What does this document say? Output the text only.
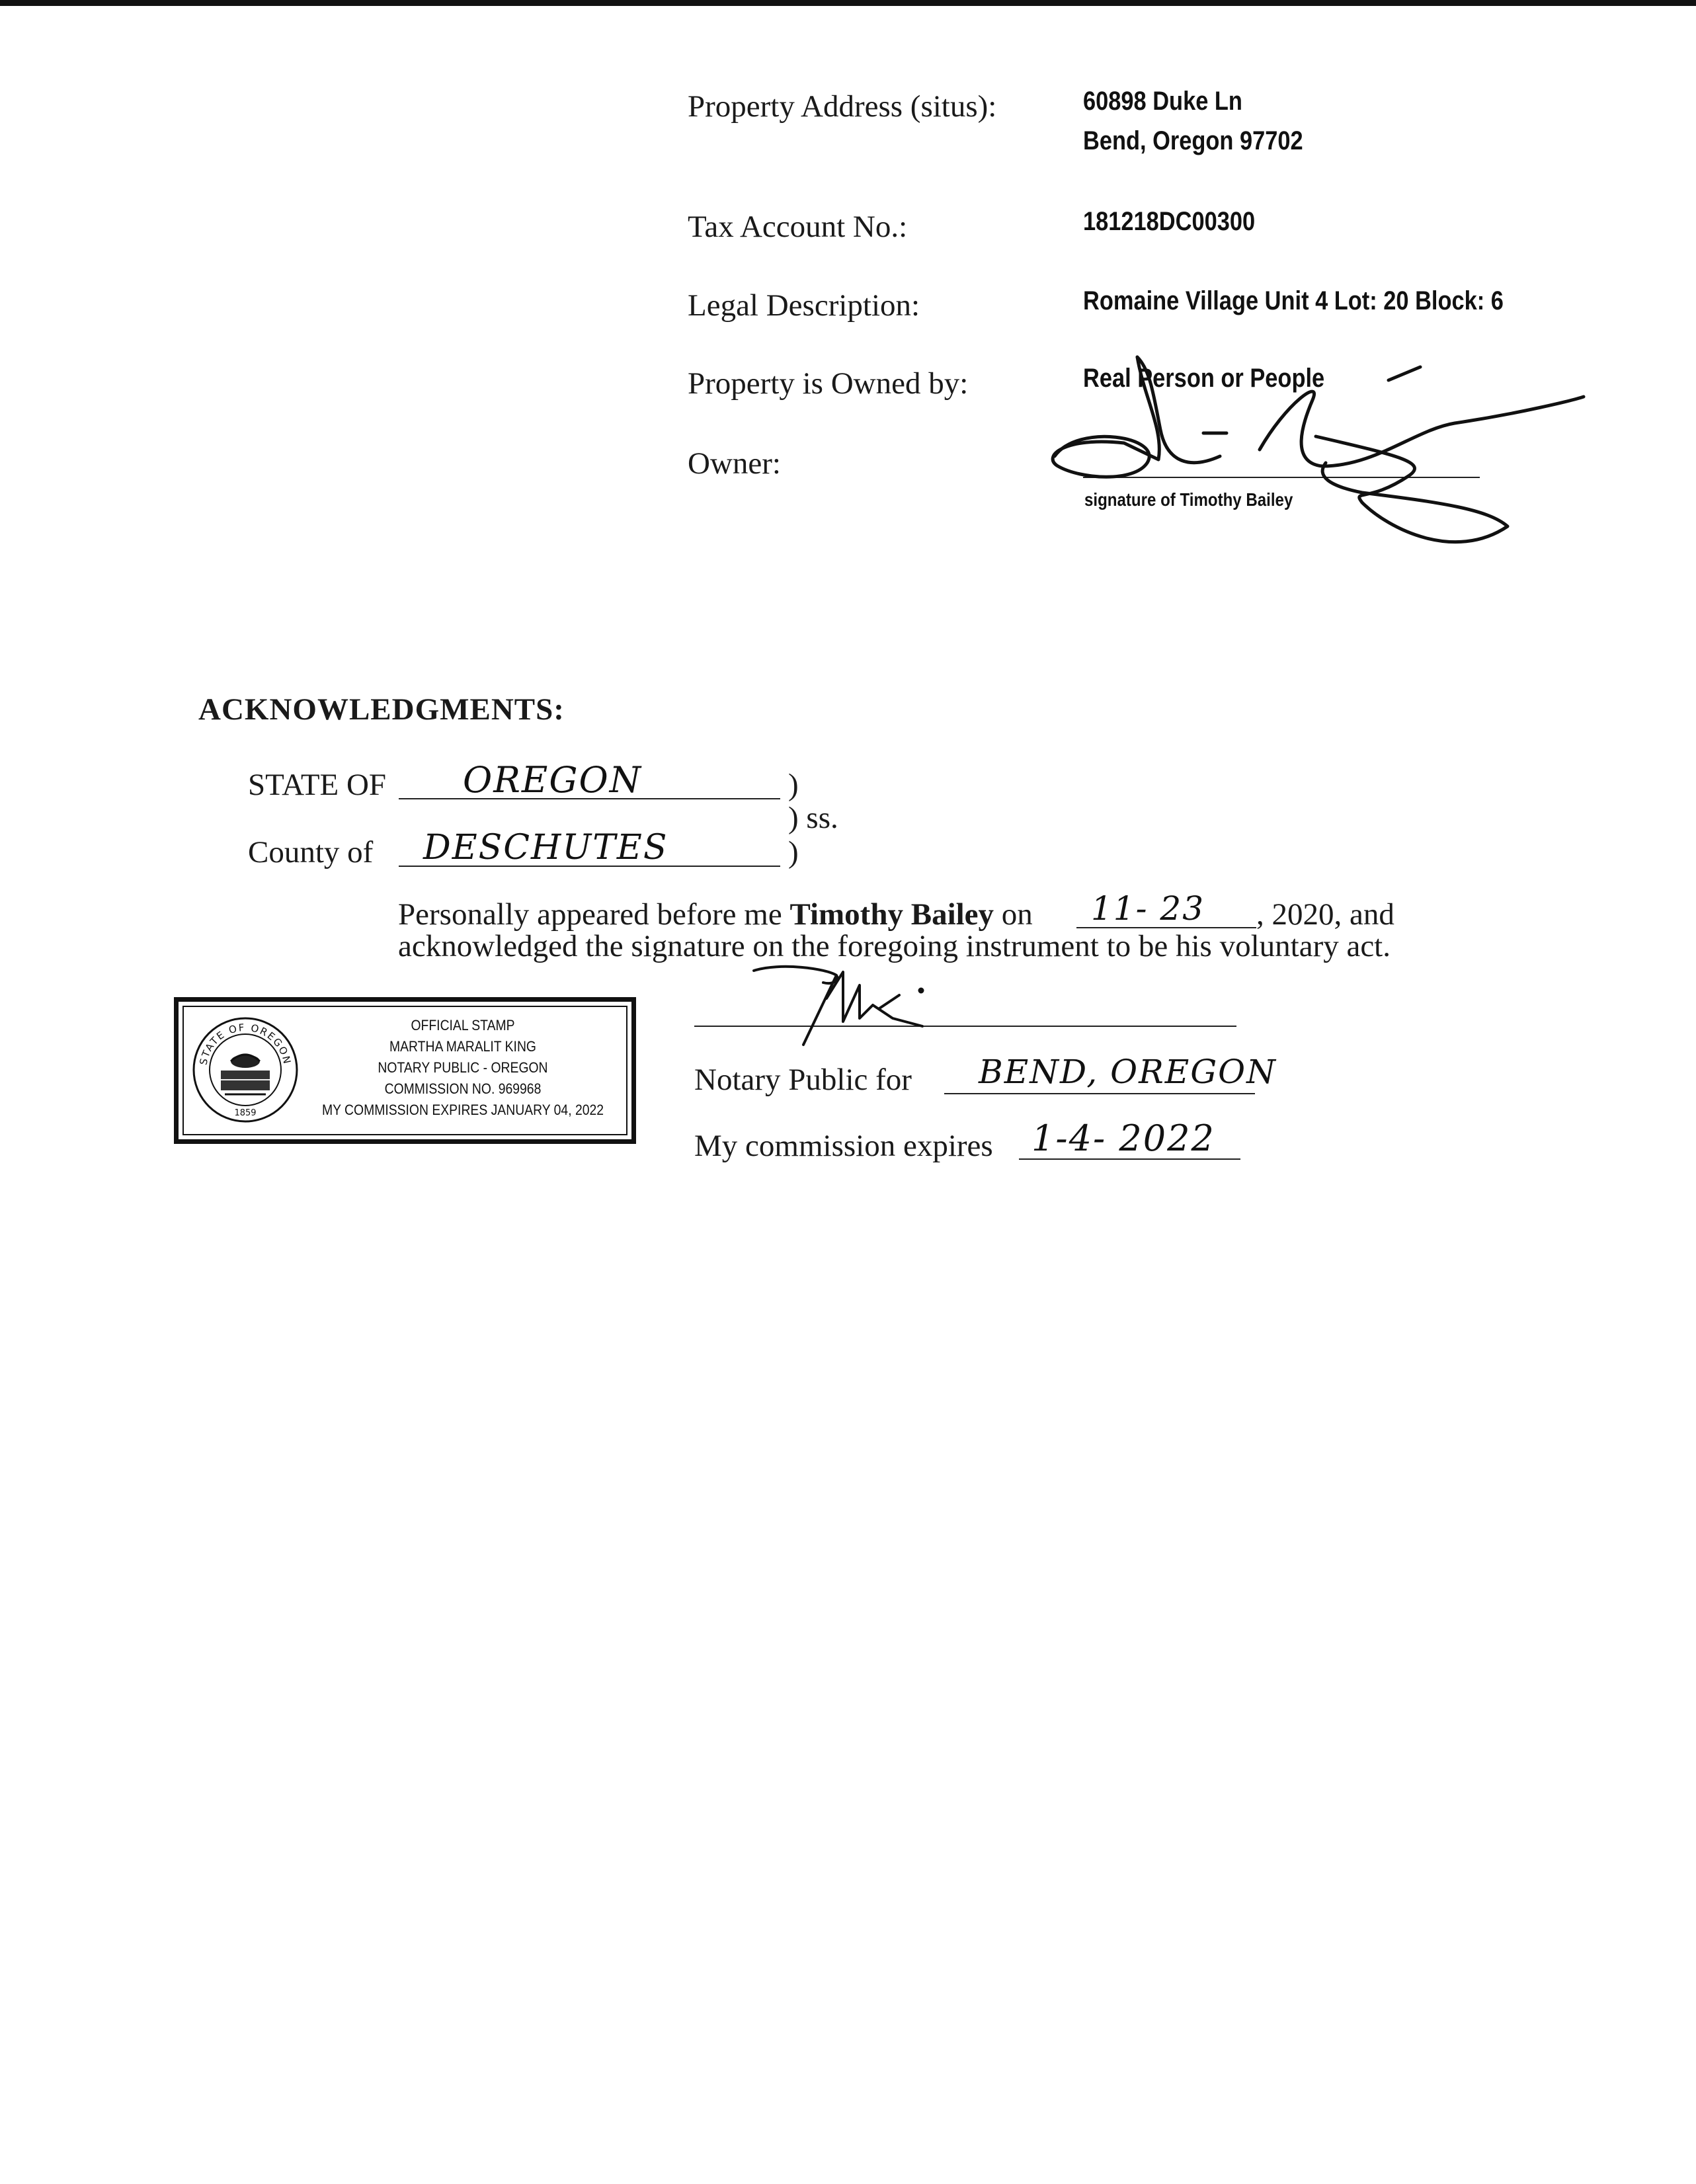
Property Address (situs):	60898 Duke Ln
Bend, Oregon 97702
Tax Account No.:	181218DC00300
Legal Description:	Romaine Village Unit 4 Lot: 20 Block: 6
Property is Owned by:	Real Person or People
Owner:
signature of Timothy Bailey
ACKNOWLEDGMENTS:
STATE OF OREGON	)
) ss.
County of DESCHUTES	)
Personally appeared before me Timothy Bailey on 11- 23 , 2020, and
acknowledged the signature on the foregoing instrument to be his voluntary act.
Notary Public for BEND, OREGON
My commission expires 1-4- 2022
STATE OF OREGON
1859
OFFICIAL STAMP
MARTHA MARALIT KING
NOTARY PUBLIC - OREGON
COMMISSION NO. 969968
MY COMMISSION EXPIRES JANUARY 04, 2022
